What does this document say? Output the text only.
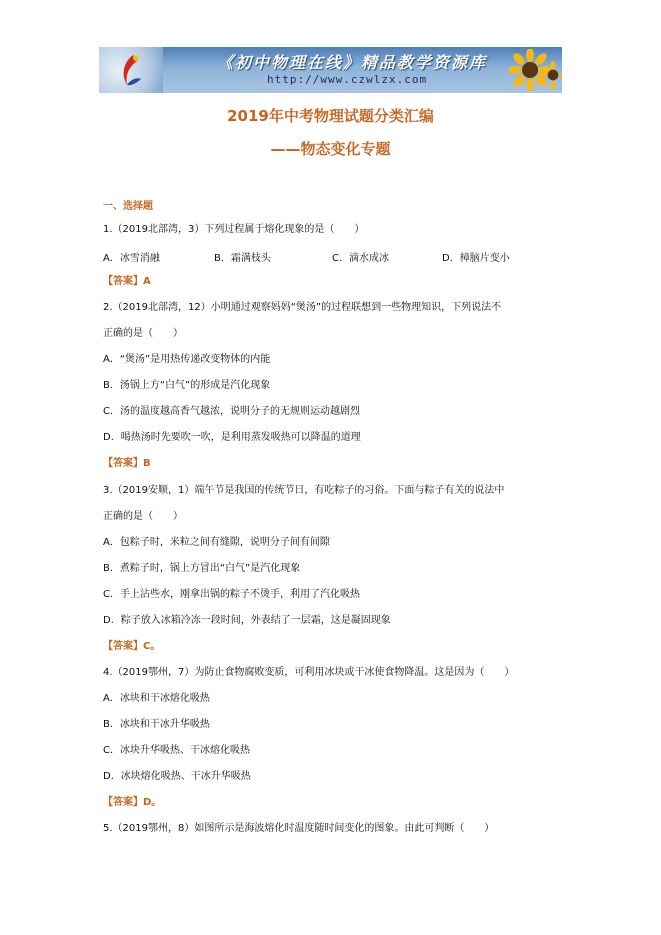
《初中物理在线》精品教学资源库
http://www.czwlzx.com
2019年中考物理试题分类汇编
——物态变化专题
一、选择题
1.（2019北部湾，3）下列过程属于熔化现象的是（　　）
A．冰雪消融	B．霜满枝头	C．滴水成冰	D．樟脑片变小
【答案】A
2.（2019北部湾，12）小明通过观察妈妈“煲汤”的过程联想到一些物理知识，下列说法不
正确的是（　　）
A．“煲汤”是用热传递改变物体的内能
B．汤锅上方“白气”的形成是汽化现象
C．汤的温度越高香气越浓，说明分子的无规则运动越剧烈
D．喝热汤时先要吹一吹，是利用蒸发吸热可以降温的道理
【答案】B
3.（2019安顺，1）端午节是我国的传统节日，有吃粽子的习俗。下面与粽子有关的说法中
正确的是（　　）
A．包粽子时，米粒之间有缝隙，说明分子间有间隙
B．煮粽子时，锅上方冒出“白气”是汽化现象
C．手上沾些水，刚拿出锅的粽子不烫手，利用了汽化吸热
D．粽子放入冰箱冷冻一段时间，外表结了一层霜，这是凝固现象
【答案】C。
4.（2019鄂州，7）为防止食物腐败变质，可利用冰块或干冰使食物降温。这是因为（　　）
A．冰块和干冰熔化吸热
B．冰块和干冰升华吸热
C．冰块升华吸热、干冰熔化吸热
D．冰块熔化吸热、干冰升华吸热
【答案】D。
5.（2019鄂州，8）如图所示是海波熔化时温度随时间变化的图象。由此可判断（　　）
